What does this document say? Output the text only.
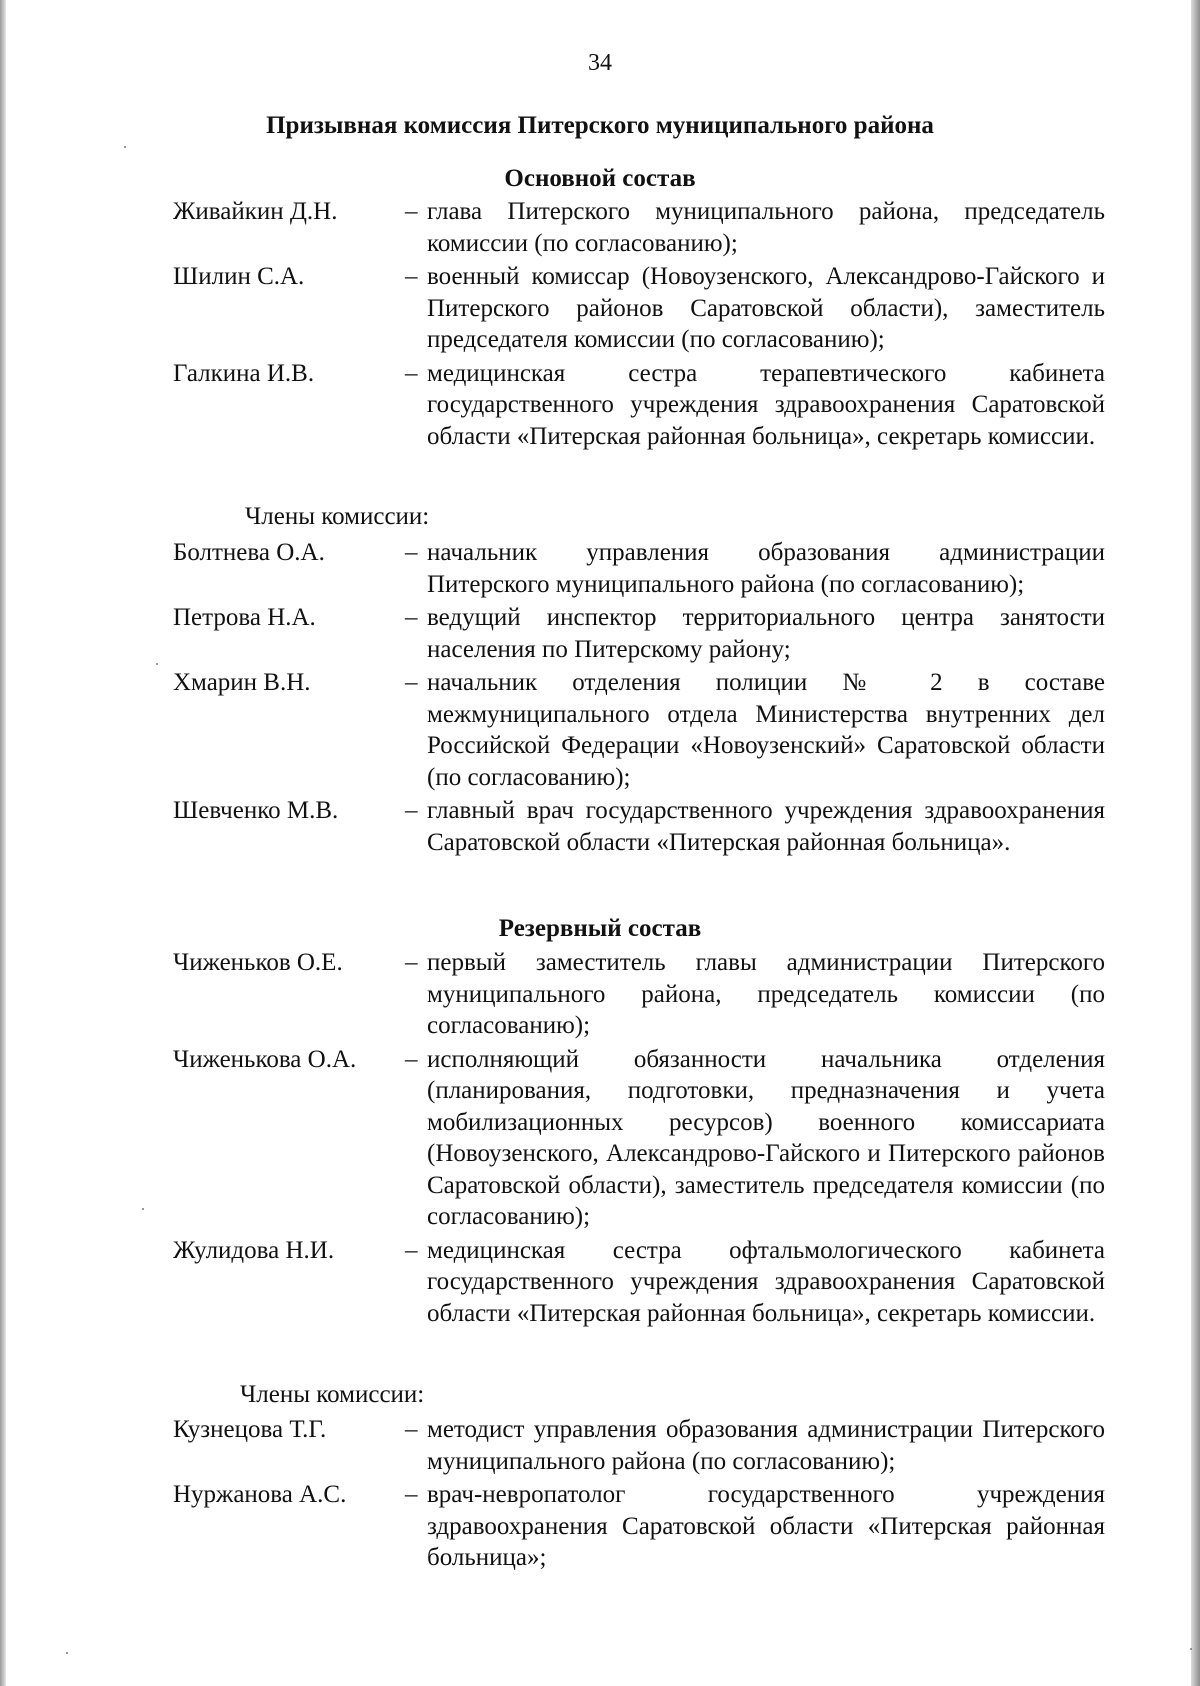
34
Призывная комиссия Питерского муниципального района
Основной состав
Живайкин Д.Н.	– глава Питерского муниципального района, председатель комиссии (по согласованию);
Шилин С.А.	– военный комиссар (Новоузенского, Александрово-Гайского и Питерского районов Саратовской области), заместитель председателя комиссии (по согласованию);
Галкина И.В.	– медицинская сестра терапевтического кабинета государственного учреждения здравоохранения Саратовской области «Питерская районная больница», секретарь комиссии.
Члены комиссии:
Болтнева О.А.	– начальник управления образования администрации Питерского муниципального района (по согласованию);
Петрова Н.А.	– ведущий инспектор территориального центра занятости населения по Питерскому району;
Хмарин В.Н.	– начальник отделения полиции № 2 в составе межмуниципального отдела Министерства внутренних дел Российской Федерации «Новоузенский» Саратовской области (по согласованию);
Шевченко М.В.	– главный врач государственного учреждения здравоохранения Саратовской области «Питерская районная больница».
Резервный состав
Чиженьков О.Е.	– первый заместитель главы администрации Питерского муниципального района, председатель комиссии (по согласованию);
Чиженькова О.А.	– исполняющий обязанности начальника отделения (планирования, подготовки, предназначения и учета мобилизационных ресурсов) военного комиссариата (Новоузенского, Александрово-Гайского и Питерского районов Саратовской области), заместитель председателя комиссии (по согласованию);
Жулидова Н.И.	– медицинская сестра офтальмологического кабинета государственного учреждения здравоохранения Саратовской области «Питерская районная больница», секретарь комиссии.
Члены комиссии:
Кузнецова Т.Г.	– методист управления образования администрации Питерского муниципального района (по согласованию);
Нуржанова А.С.	– врач-невропатолог государственного учреждения здравоохранения Саратовской области «Питерская районная больница»;
